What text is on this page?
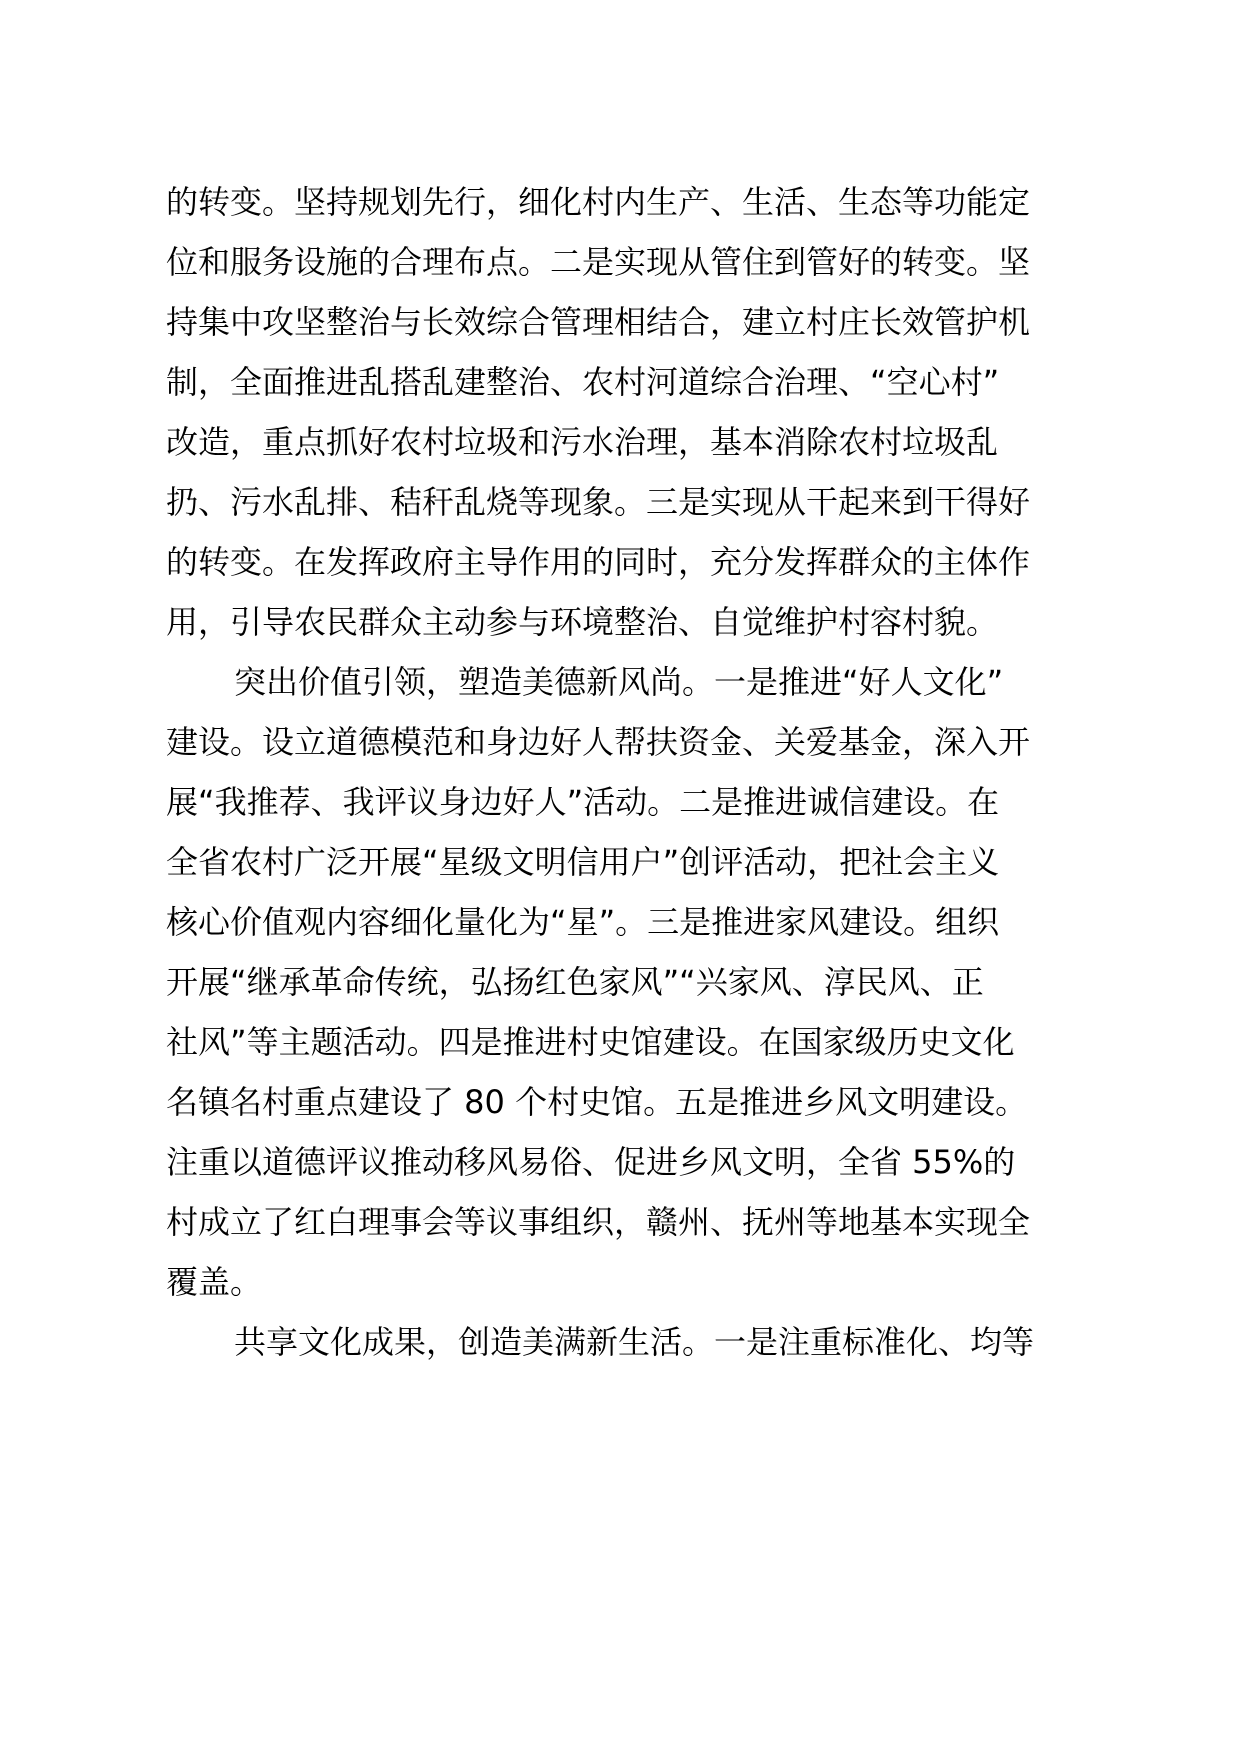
的转变。坚持规划先行，细化村内生产、生活、生态等功能定
位和服务设施的合理布点。二是实现从管住到管好的转变。坚
持集中攻坚整治与长效综合管理相结合，建立村庄长效管护机
制，全面推进乱搭乱建整治、农村河道综合治理、“空心村”
改造，重点抓好农村垃圾和污水治理，基本消除农村垃圾乱
扔、污水乱排、秸秆乱烧等现象。三是实现从干起来到干得好
的转变。在发挥政府主导作用的同时，充分发挥群众的主体作
用，引导农民群众主动参与环境整治、自觉维护村容村貌。
突出价值引领，塑造美德新风尚。一是推进“好人文化”
建设。设立道德模范和身边好人帮扶资金、关爱基金，深入开
展“我推荐、我评议身边好人”活动。二是推进诚信建设。在
全省农村广泛开展“星级文明信用户”创评活动，把社会主义
核心价值观内容细化量化为“星”。三是推进家风建设。组织
开展“继承革命传统，弘扬红色家风”“兴家风、淳民风、正
社风”等主题活动。四是推进村史馆建设。在国家级历史文化
名镇名村重点建设了 80 个村史馆。五是推进乡风文明建设。
注重以道德评议推动移风易俗、促进乡风文明，全省 55%的
村成立了红白理事会等议事组织，赣州、抚州等地基本实现全
覆盖。
共享文化成果，创造美满新生活。一是注重标准化、均等
